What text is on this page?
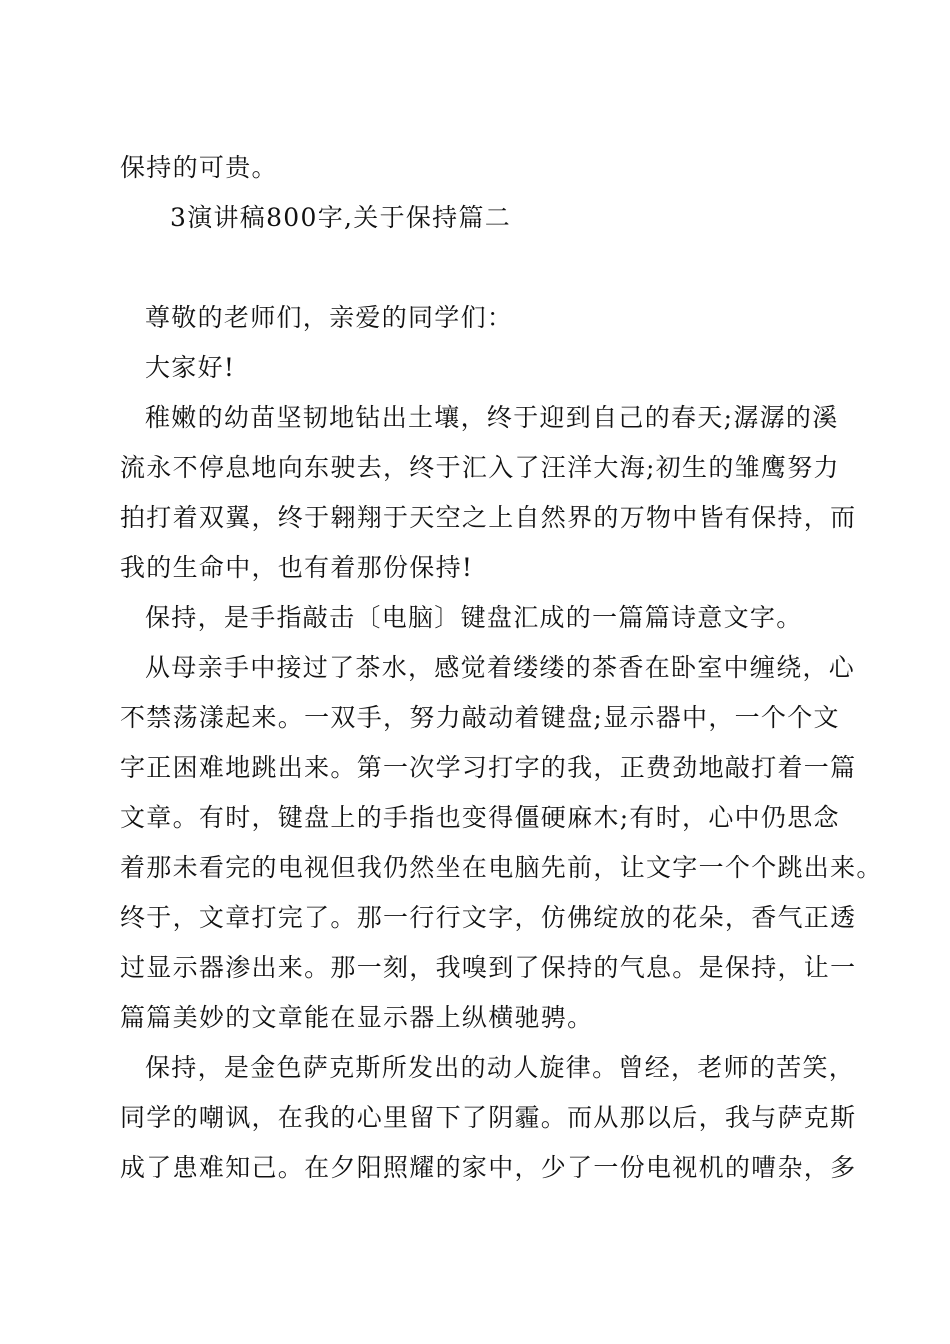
保持的可贵。
3演讲稿800字,关于保持篇二
尊敬的老师们，亲爱的同学们：
大家好!
稚嫩的幼苗坚韧地钻出土壤，终于迎到自己的春天;潺潺的溪
流永不停息地向东驶去，终于汇入了汪洋大海;初生的雏鹰努力
拍打着双翼，终于翱翔于天空之上自然界的万物中皆有保持，而
我的生命中，也有着那份保持!
保持，是手指敲击〔电脑〕键盘汇成的一篇篇诗意文字。
从母亲手中接过了茶水，感觉着缕缕的茶香在卧室中缠绕，心
不禁荡漾起来。一双手，努力敲动着键盘;显示器中，一个个文
字正困难地跳出来。第一次学习打字的我，正费劲地敲打着一篇
文章。有时，键盘上的手指也变得僵硬麻木;有时，心中仍思念
着那未看完的电视但我仍然坐在电脑先前，让文字一个个跳出来。
终于，文章打完了。那一行行文字，仿佛绽放的花朵，香气正透
过显示器渗出来。那一刻，我嗅到了保持的气息。是保持，让一
篇篇美妙的文章能在显示器上纵横驰骋。
保持，是金色萨克斯所发出的动人旋律。曾经，老师的苦笑，
同学的嘲讽，在我的心里留下了阴霾。而从那以后，我与萨克斯
成了患难知己。在夕阳照耀的家中，少了一份电视机的嘈杂，多
